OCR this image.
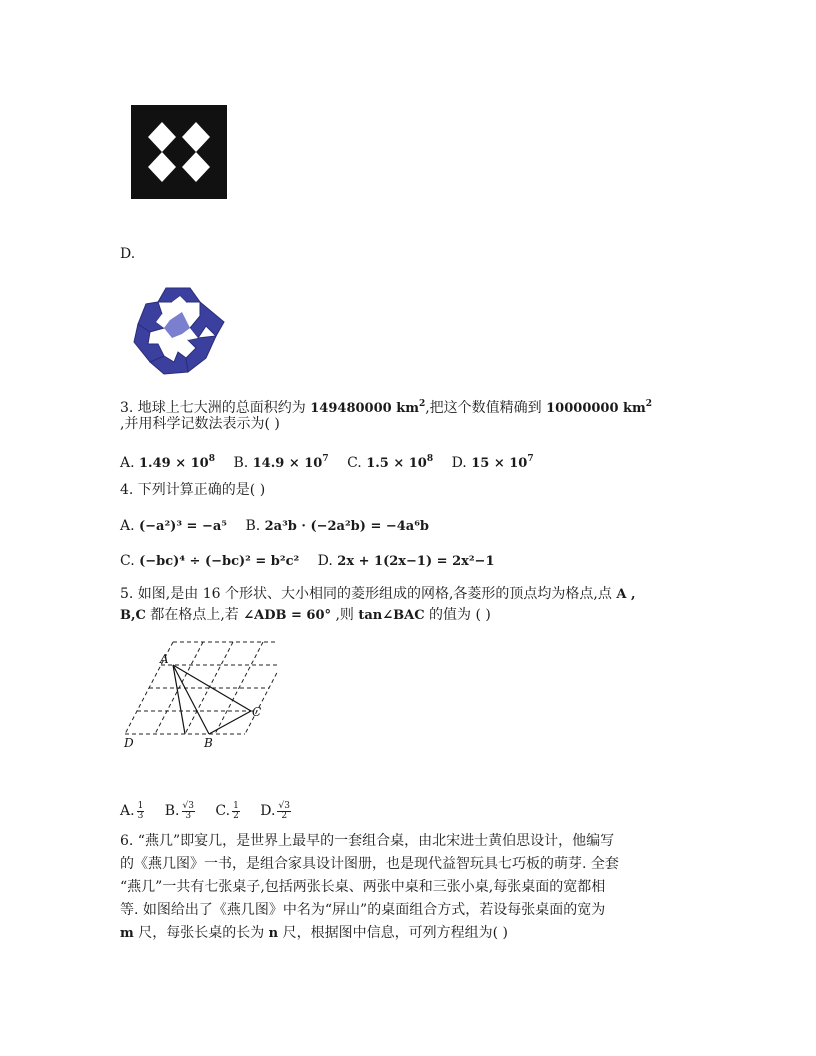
D.
3. 地球上七大洲的总面积约为 149480000 $km^2$,把这个数值精确到 10000000 $km^2$
,并用科学记数法表示为( )
A. $1.49 \times 10^8$ B. $14.9 \times 10^7$ C. $1.5 \times 10^8$ D. $15 \times 10^7$
4. 下列计算正确的是( )
A. (−a²)³ = −a⁵ B. 2a³b · (−2a²b) = −4a⁶b
C. (−bc)⁴ ÷ (−bc)² = b²c² D. 2x + 1(2x−1) = 2x²−1
5. 如图,是由 16 个形状、大小相同的菱形组成的网格,各菱形的顶点均为格点,点 A ,
B,C 都在格点上,若 ∠ADB = 60° ,则 tan∠BAC 的值为 ( )
A
B
C
D
A. $\frac{1}{3} B$. $\frac{√3}{3} C$. $\frac{1}{2} D$. $\frac{√3}{2}$
6. “燕几”即宴几，是世界上最早的一套组合桌，由北宋进士黄伯思设计，他编写
的《燕几图》一书，是组合家具设计图册，也是现代益智玩具七巧板的萌芽. 全套
“燕几”一共有七张桌子,包括两张长桌、两张中桌和三张小桌,每张桌面的宽都相
等. 如图给出了《燕几图》中名为“屏山”的桌面组合方式，若设每张桌面的宽为
m 尺，每张长桌的长为 n 尺，根据图中信息，可列方程组为( )
